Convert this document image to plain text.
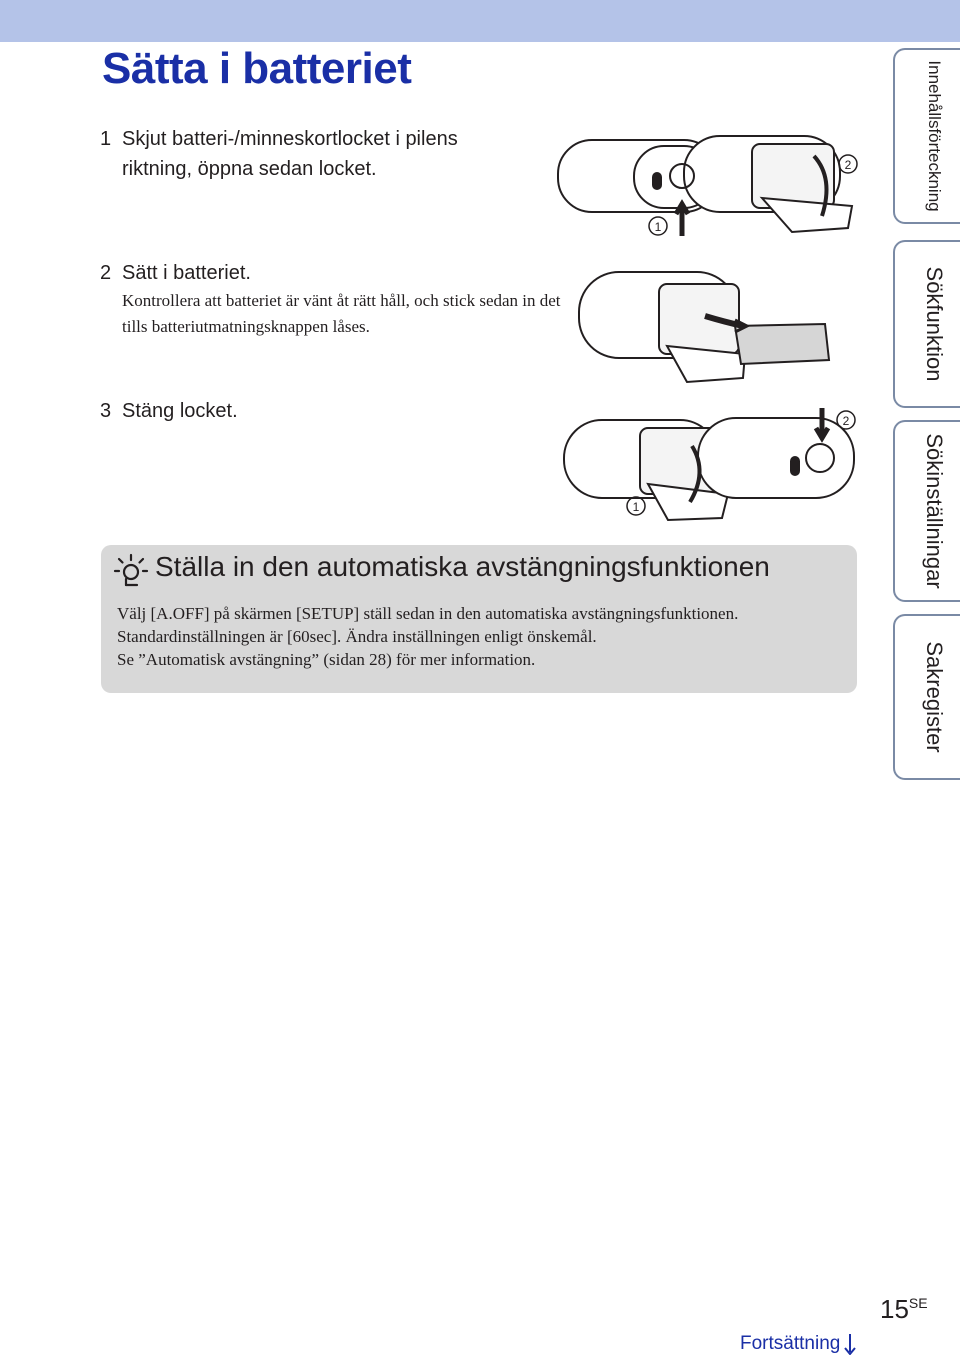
Sätta i batteriet
1 Skjut batteri-/minneskortlocket i pilens riktning, öppna sedan locket.
2 Sätt i batteriet.
Kontrollera att batteriet är vänt åt rätt håll, och stick sedan in det tills batteriutmatningsknappen låses.
3 Stäng locket.
1
2
1
2
Ställa in den automatiska avstängningsfunktionen
Välj [A.OFF] på skärmen [SETUP] ställ sedan in den automatiska avstängningsfunktionen.
Standardinställningen är [60sec]. Ändra inställningen enligt önskemål.
Se ”Automatisk avstängning” (sidan 28) för mer information.
Innehållsförteckning
Sökfunktion
Sökinställningar
Sakregister
$15^{SE}$
Fortsättning
